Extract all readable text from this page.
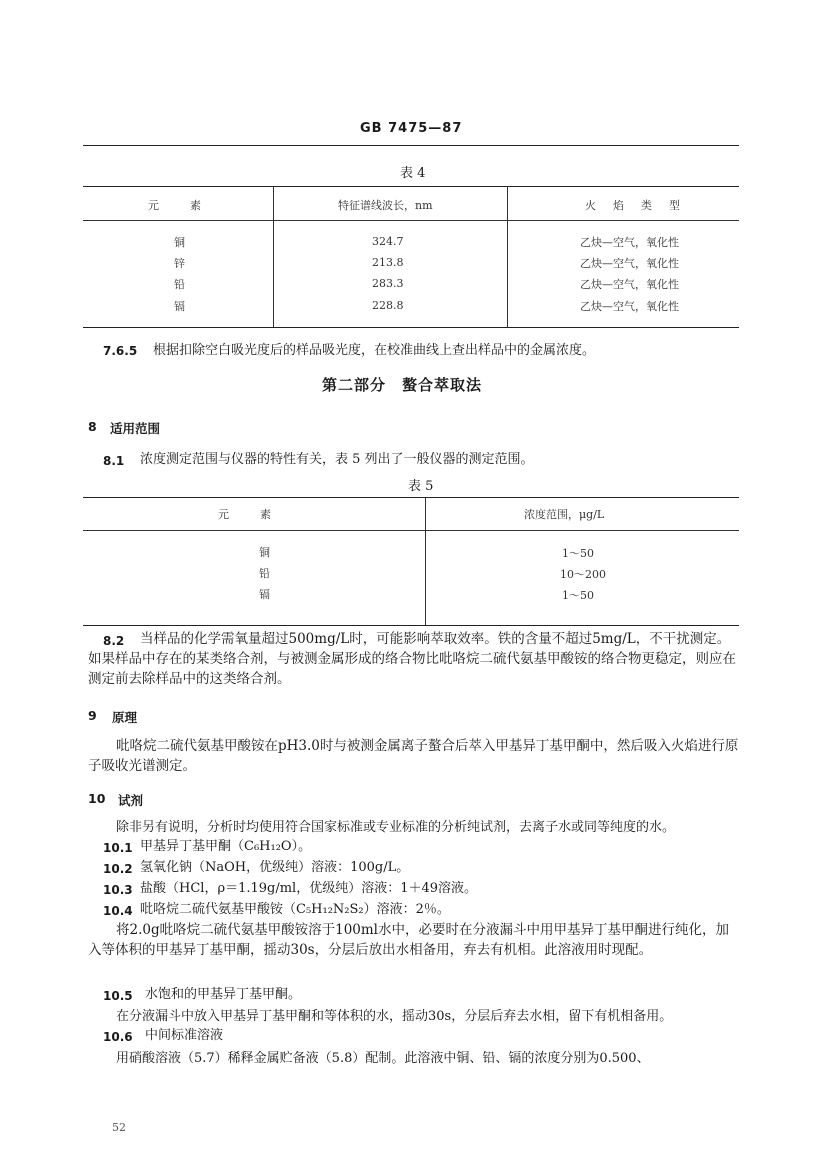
GB 7475—87
表 4
元　　素	特征谱线波长，nm	火　焰　类　型
铜	324.7	乙炔—空气，氧化性
锌	213.8	乙炔—空气，氧化性
铅	283.3	乙炔—空气，氧化性
镉	228.8	乙炔—空气，氧化性
7.6.5 根据扣除空白吸光度后的样品吸光度，在校准曲线上查出样品中的金属浓度。
第二部分　螯合萃取法
8 适用范围
8.1 浓度测定范围与仪器的特性有关，表 5 列出了一般仪器的测定范围。
表 5
元　　素	浓度范围，μg/L
铜	1～50
铅	10～200
镉	1～50
8.2	当样品的化学需氧量超过500mg/L时，可能影响萃取效率。铁的含量不超过5mg/L，不干扰测定。如果样品中存在的某类络合剂，与被测金属形成的络合物比吡咯烷二硫代氨基甲酸铵的络合物更稳定，则应在测定前去除样品中的这类络合剂。
9 原理
吡咯烷二硫代氨基甲酸铵在pH3.0时与被测金属离子螯合后萃入甲基异丁基甲酮中，然后吸入火焰进行原子吸收光谱测定。
10 试剂
除非另有说明，分析时均使用符合国家标准或专业标准的分析纯试剂，去离子水或同等纯度的水。
10.1 甲基异丁基甲酮（C₆H₁₂O）。
10.2 氢氧化钠（NaOH，优级纯）溶液：100g/L。
10.3 盐酸（HCl，ρ＝1.19g/ml，优级纯）溶液：1＋49溶液。
10.4 吡咯烷二硫代氨基甲酸铵（C₅H₁₂N₂S₂）溶液：2％。
将2.0g吡咯烷二硫代氨基甲酸铵溶于100ml水中，必要时在分液漏斗中用甲基异丁基甲酮进行纯化，加入等体积的甲基异丁基甲酮，摇动30s，分层后放出水相备用，弃去有机相。此溶液用时现配。
10.5 水饱和的甲基异丁基甲酮。
在分液漏斗中放入甲基异丁基甲酮和等体积的水，摇动30s，分层后弃去水相，留下有机相备用。
10.6 中间标准溶液
用硝酸溶液（5.7）稀释金属贮备液（5.8）配制。此溶液中铜、铅、镉的浓度分别为0.500、
52
